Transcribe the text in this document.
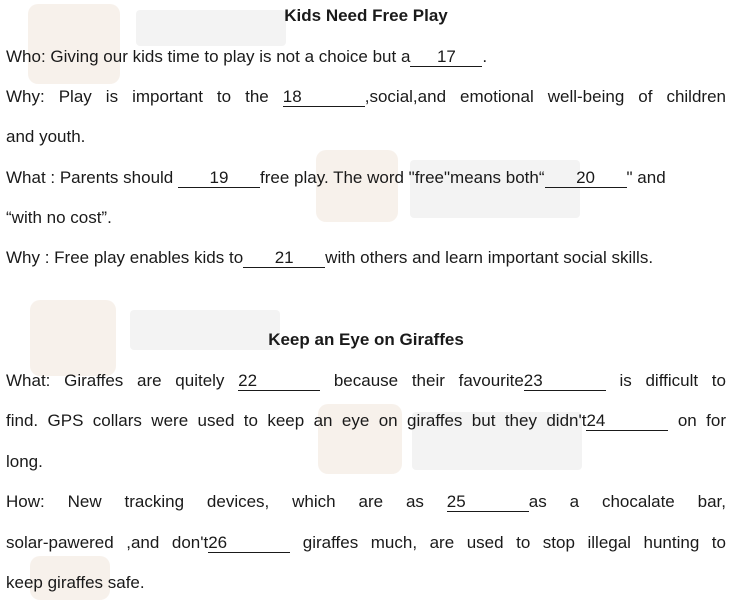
Kids Need Free Play
Who: Giving our kids time to play is not a choice but a 17 .
Why: Play is important to the 18	,social,and emotional well-being of children
and youth.
What : Parents should 19 free play. The word "free"means both“ 20 " and
“with no cost”.
Why : Free play enables kids to 21 with others and learn important social skills.
Keep an Eye on Giraffes
What: Giraffes are quitely 22	because their favourite23	is difficult to
find. GPS collars were used to keep an eye on giraffes but they didn't24	on for
long.
How: New tracking devices, which are as 25	as a chocalate bar,
solar-pawered ,and don't26	giraffes much, are used to stop illegal hunting to
keep giraffes safe.
